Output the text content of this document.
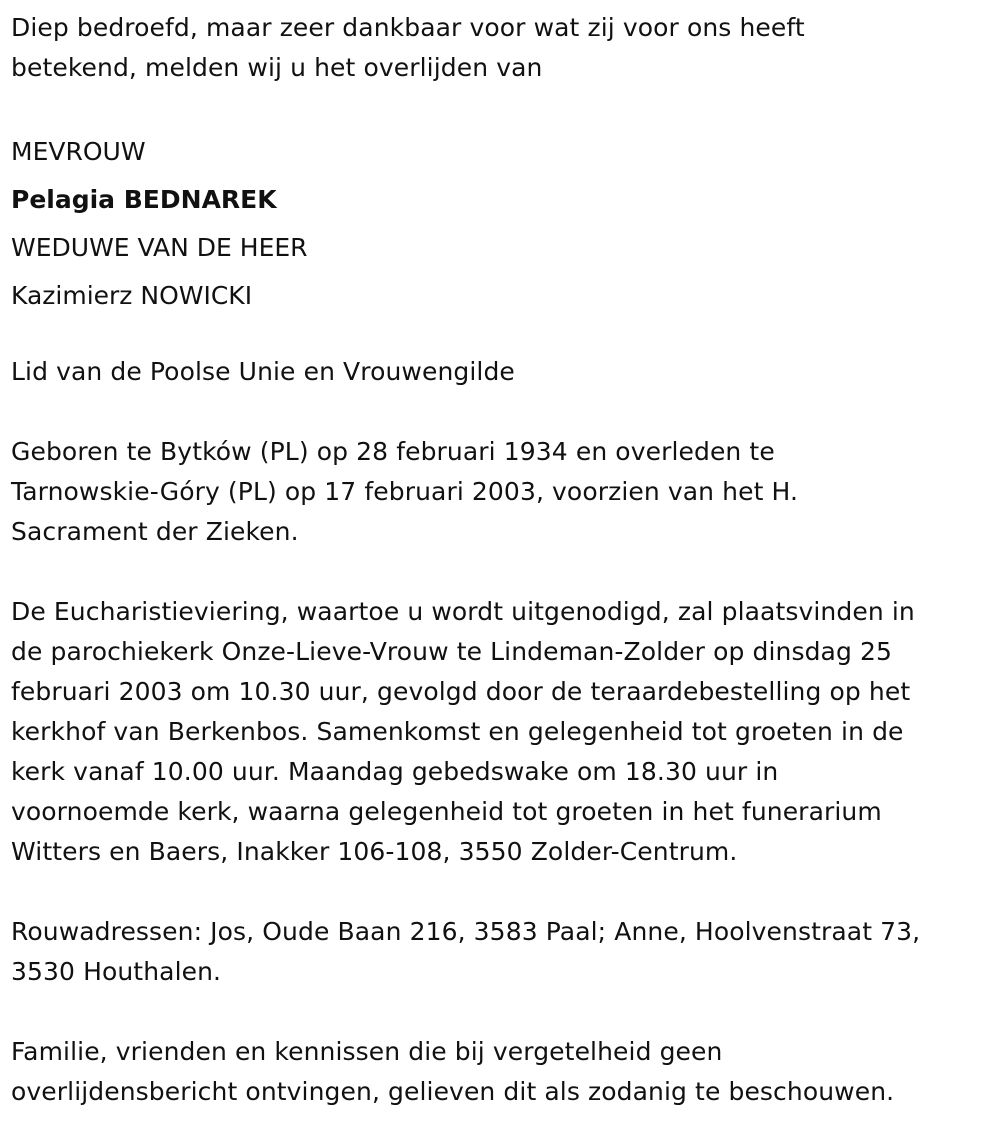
Diep bedroefd, maar zeer dankbaar voor wat zij voor ons heeft
betekend, melden wij u het overlijden van
MEVROUW
Pelagia BEDNAREK
WEDUWE VAN DE HEER
Kazimierz NOWICKI
Lid van de Poolse Unie en Vrouwengilde
Geboren te Bytków (PL) op 28 februari 1934 en overleden te
Tarnowskie-Góry (PL) op 17 februari 2003, voorzien van het H.
Sacrament der Zieken.
De Eucharistieviering, waartoe u wordt uitgenodigd, zal plaatsvinden in
de parochiekerk Onze-Lieve-Vrouw te Lindeman-Zolder op dinsdag 25
februari 2003 om 10.30 uur, gevolgd door de teraardebestelling op het
kerkhof van Berkenbos. Samenkomst en gelegenheid tot groeten in de
kerk vanaf 10.00 uur. Maandag gebedswake om 18.30 uur in
voornoemde kerk, waarna gelegenheid tot groeten in het funerarium
Witters en Baers, Inakker 106-108, 3550 Zolder-Centrum.
Rouwadressen: Jos, Oude Baan 216, 3583 Paal; Anne, Hoolvenstraat 73,
3530 Houthalen.
Familie, vrienden en kennissen die bij vergetelheid geen
overlijdensbericht ontvingen, gelieven dit als zodanig te beschouwen.
